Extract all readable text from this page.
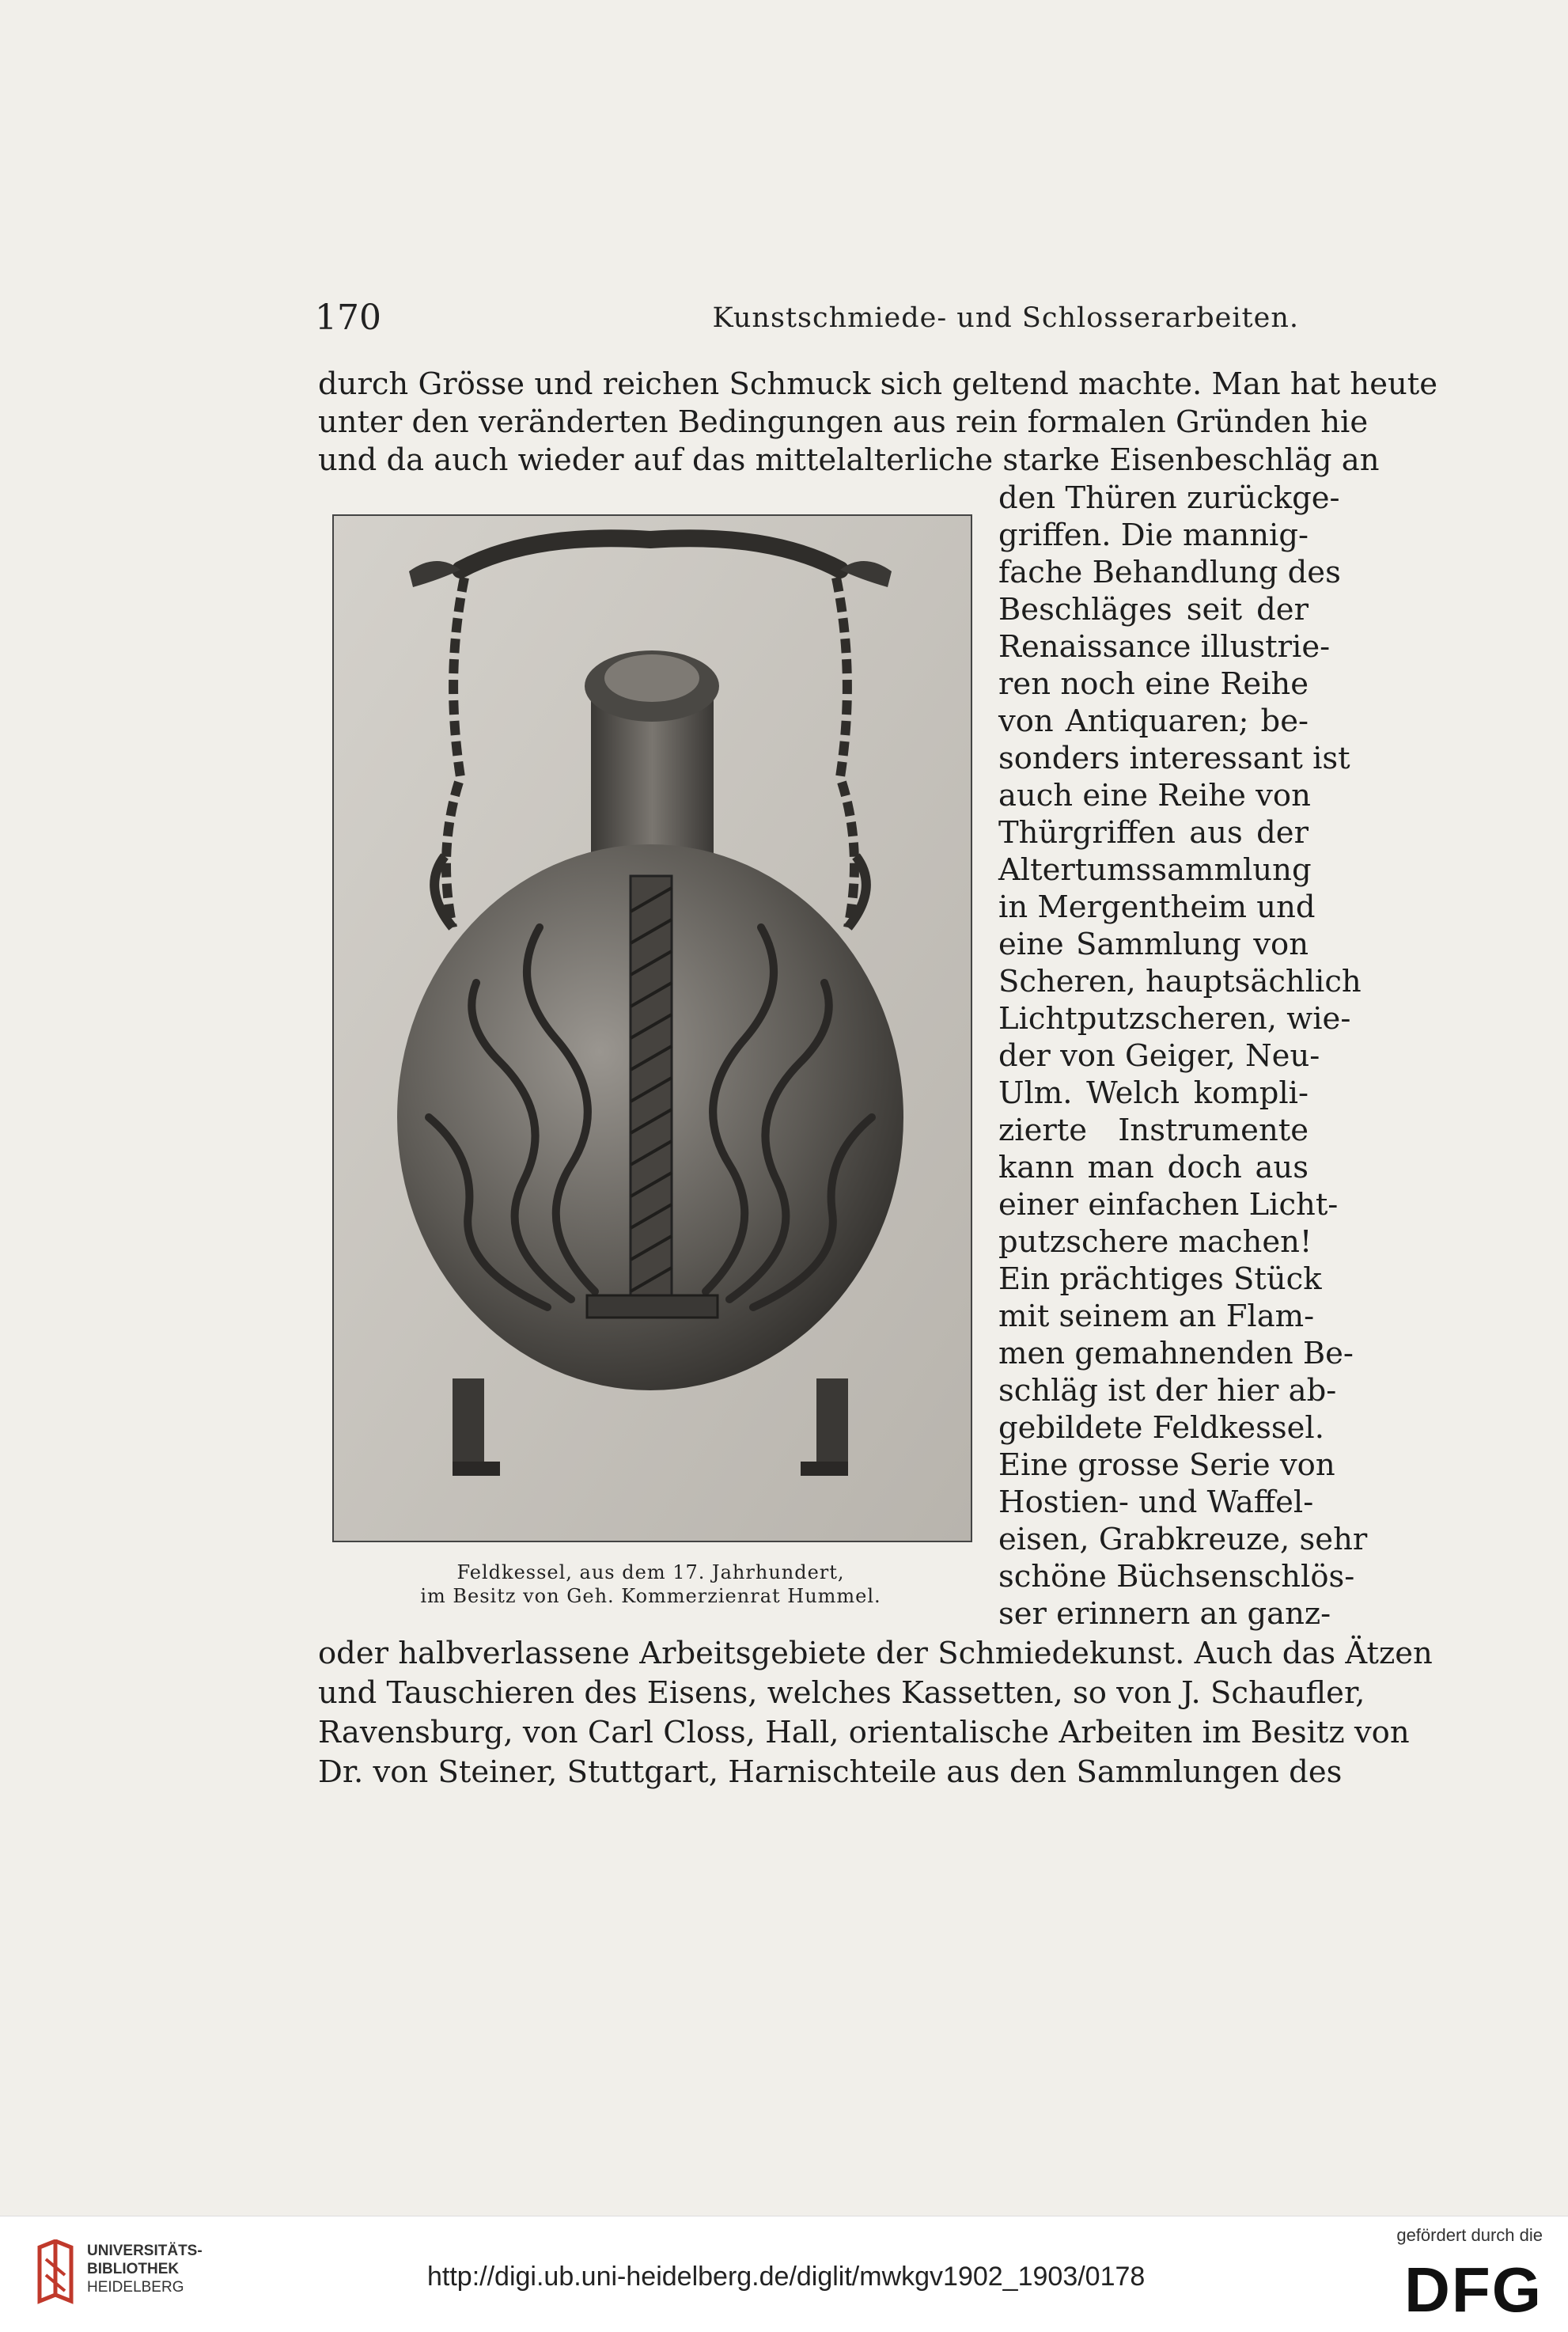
170	Kunstschmiede- und Schlosserarbeiten.
durch Grösse und reichen Schmuck sich geltend machte. Man hat heute
unter den veränderten Bedingungen aus rein formalen Gründen hie
und da auch wieder auf das mittelalterliche starke Eisenbeschläg an
den Thüren zurückge-
griffen. Die mannig-
fache Behandlung des
Beschläges seit der
Renaissance illustrie-
ren noch eine Reihe
von Antiquaren; be-
sonders interessant ist
auch eine Reihe von
Thürgriffen aus der
Altertumssammlung
in Mergentheim und
eine Sammlung von
Scheren, hauptsächlich
Lichtputzscheren, wie-
der von Geiger, Neu-
Ulm. Welch kompli-
zierte Instrumente
kann man doch aus
einer einfachen Licht-
putzschere machen!
Ein prächtiges Stück
mit seinem an Flam-
men gemahnenden Be-
schläg ist der hier ab-
gebildete Feldkessel.
Eine grosse Serie von
Hostien- und Waffel-
eisen, Grabkreuze, sehr
schöne Büchsenschlös-
ser erinnern an ganz-
oder halbverlassene Arbeitsgebiete der Schmiedekunst. Auch das Ätzen
und Tauschieren des Eisens, welches Kassetten, so von J. Schaufler,
Ravensburg, von Carl Closs, Hall, orientalische Arbeiten im Besitz von
Dr. von Steiner, Stuttgart, Harnischteile aus den Sammlungen des
Feldkessel, aus dem 17. Jahrhundert,
im Besitz von Geh. Kommerzienrat Hummel.
UNIVERSITÄTS-
BIBLIOTHEK
HEIDELBERG	http://digi.ub.uni-heidelberg.de/diglit/mwkgv1902_1903/0178
gefördert durch die
DFG
